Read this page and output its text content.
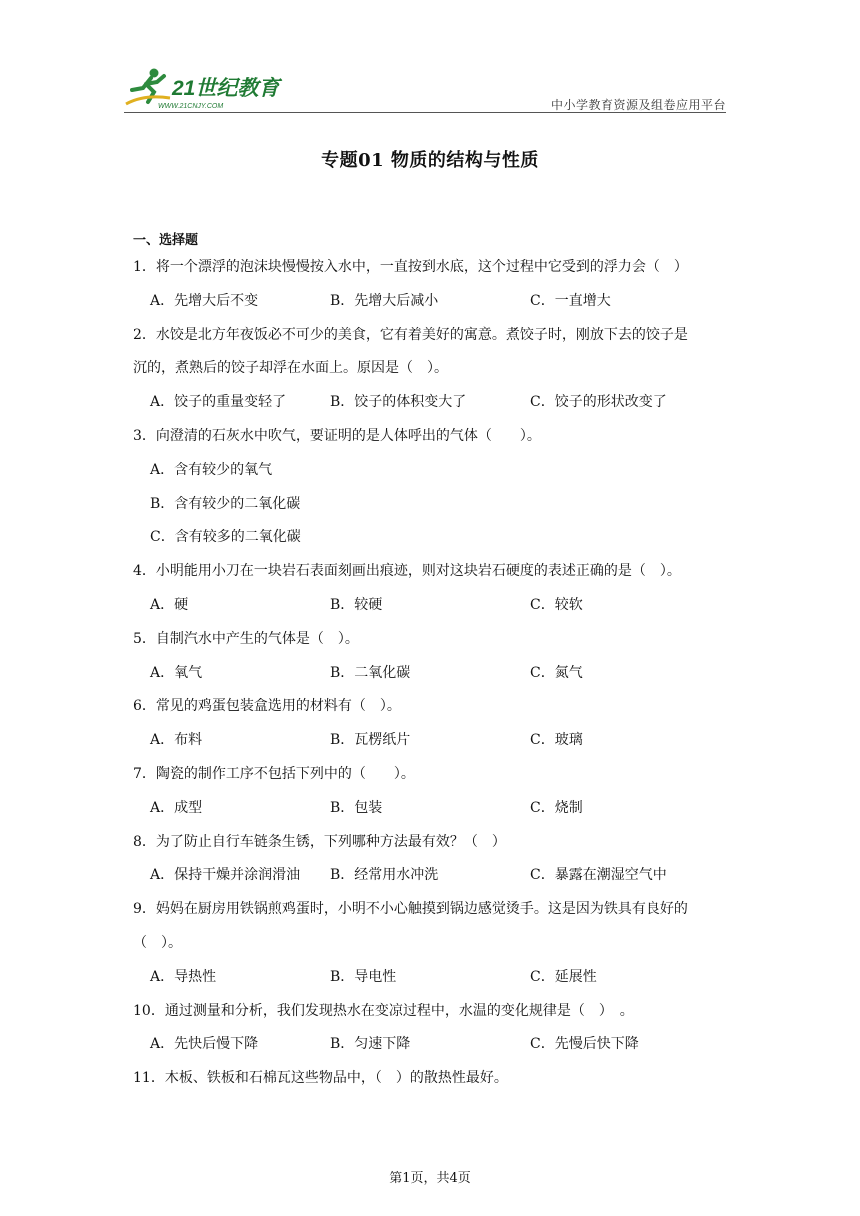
21世纪教育
WWW.21CNJY.COM	中小学教育资源及组卷应用平台
专题01 物质的结构与性质
一、选择题
1．将一个漂浮的泡沫块慢慢按入水中，一直按到水底，这个过程中它受到的浮力会（　）
A．先增大后不变	B．先增大后减小	C．一直增大
2．水饺是北方年夜饭必不可少的美食，它有着美好的寓意。煮饺子时，刚放下去的饺子是
沉的，煮熟后的饺子却浮在水面上。原因是（　）。
A．饺子的重量变轻了	B．饺子的体积变大了	C．饺子的形状改变了
3．向澄清的石灰水中吹气，要证明的是人体呼出的气体（　　）。
A．含有较少的氧气
B．含有较少的二氧化碳
C．含有较多的二氧化碳
4．小明能用小刀在一块岩石表面刻画出痕迹，则对这块岩石硬度的表述正确的是（　）。
A．硬	B．较硬	C．较软
5．自制汽水中产生的气体是（　）。
A．氧气	B．二氧化碳	C．氮气
6．常见的鸡蛋包装盒选用的材料有（　）。
A．布料	B．瓦楞纸片	C．玻璃
7．陶瓷的制作工序不包括下列中的（　　）。
A．成型	B．包装	C．烧制
8．为了防止自行车链条生锈，下列哪种方法最有效？（　）
A．保持干燥并涂润滑油 B．经常用水冲洗	C．暴露在潮湿空气中
9．妈妈在厨房用铁锅煎鸡蛋时，小明不小心触摸到锅边感觉烫手。这是因为铁具有良好的
（　）。
A．导热性	B．导电性	C．延展性
10．通过测量和分析，我们发现热水在变凉过程中，水温的变化规律是（　）　。
A．先快后慢下降	B．匀速下降	C．先慢后快下降
11．木板、铁板和石棉瓦这些物品中，（　）的散热性最好。
第1页，共4页
